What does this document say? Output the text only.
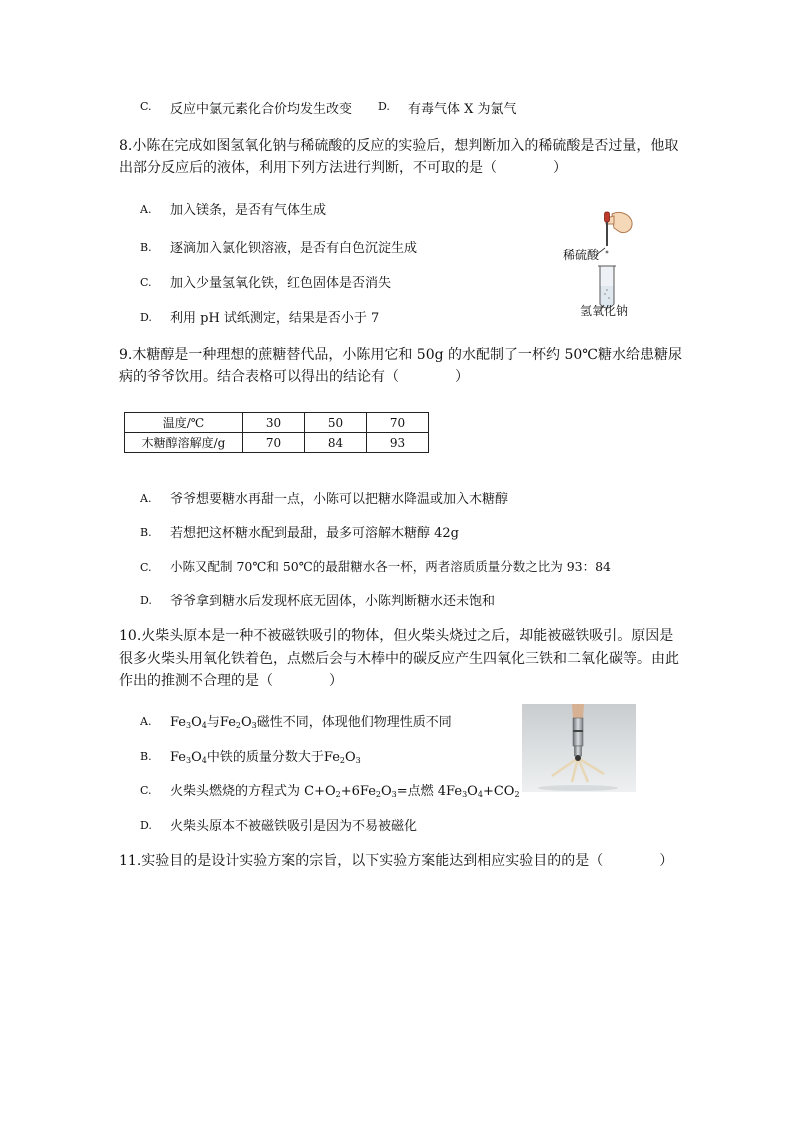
C. 反应中氯元素化合价均发生改变 D. 有毒气体 X 为氯气
8.小陈在完成如图氢氧化钠与稀硫酸的反应的实验后，想判断加入的稀硫酸是否过量，他取
出部分反应后的液体，利用下列方法进行判断，不可取的是（　　　　）
A. 加入镁条，是否有气体生成
B. 逐滴加入氯化钡溶液，是否有白色沉淀生成
C. 加入少量氢氧化铁，红色固体是否消失
D. 利用 pH 试纸测定，结果是否小于 7
稀硫酸
氢氧化钠
9.木糖醇是一种理想的蔗糖替代品，小陈用它和 50g 的水配制了一杯约 50℃糖水给患糖尿
病的爷爷饮用。结合表格可以得出的结论有（　　　　）
温度/℃	30	50	70
木糖醇溶解度/g	70	84	93
A. 爷爷想要糖水再甜一点，小陈可以把糖水降温或加入木糖醇
B. 若想把这杯糖水配到最甜，最多可溶解木糖醇 42g
C. 小陈又配制 70℃和 50℃的最甜糖水各一杯，两者溶质质量分数之比为 93：84
D. 爷爷拿到糖水后发现杯底无固体，小陈判断糖水还未饱和
10.火柴头原本是一种不被磁铁吸引的物体，但火柴头烧过之后，却能被磁铁吸引。原因是
很多火柴头用氧化铁着色，点燃后会与木棒中的碳反应产生四氧化三铁和二氧化碳等。由此
作出的推测不合理的是（　　　　）
A. $Fe_3O_4$与$Fe_2O_3$磁性不同，体现他们物理性质不同
B. $Fe_3O_4$中铁的质量分数大于$Fe_2O_3$
C. 火柴头燃烧的方程式为 $C+O_2+6Fe_2O_3=$点燃 $4Fe_3O_4+CO_2$
D. 火柴头原本不被磁铁吸引是因为不易被磁化
11.实验目的是设计实验方案的宗旨，以下实验方案能达到相应实验目的的是（　　　　）
